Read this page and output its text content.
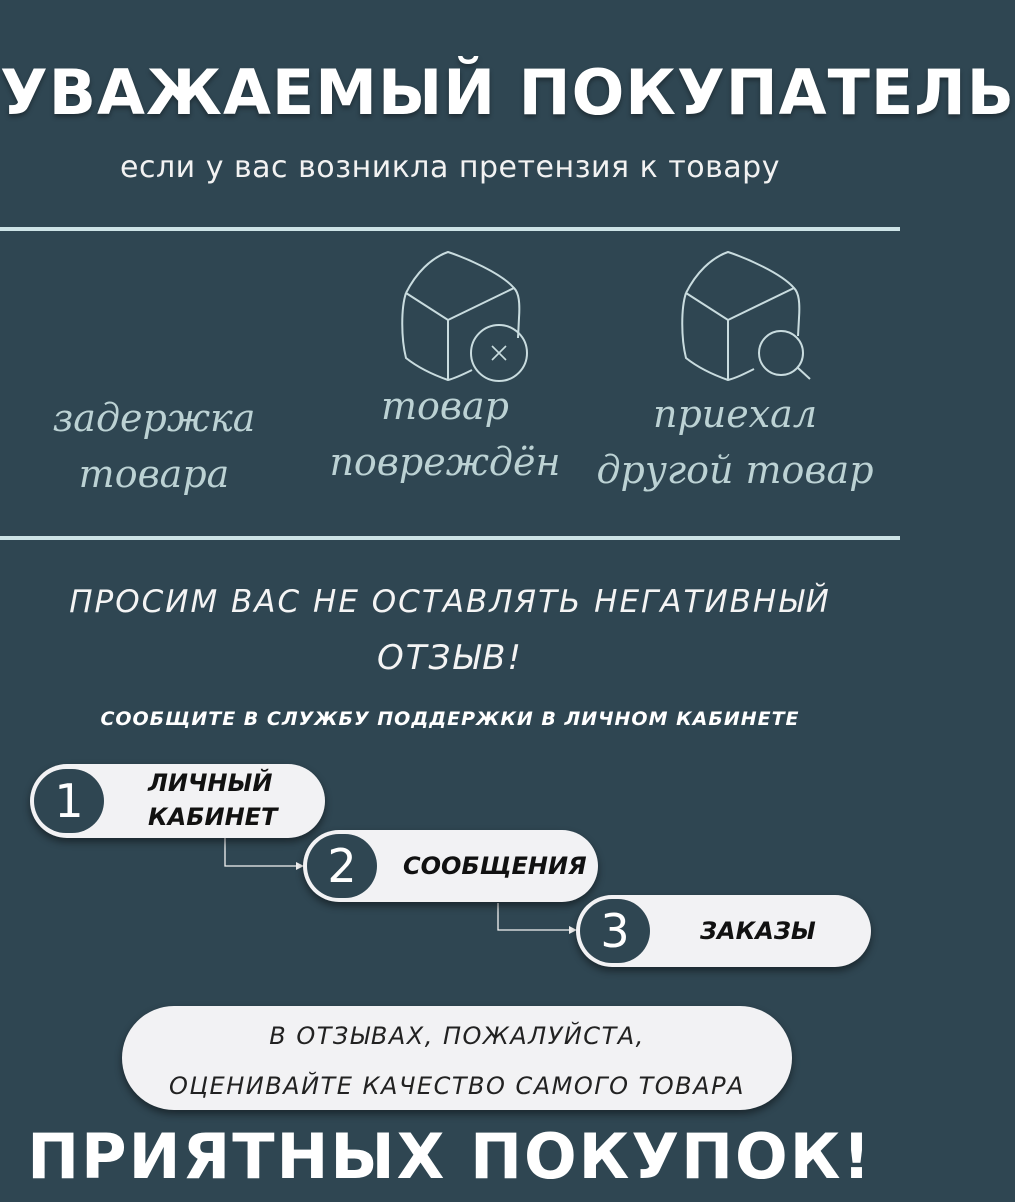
УВАЖАЕМЫЙ ПОКУПАТЕЛЬ
если у вас возникла претензия к товару
задержка
товара
товар
повреждён
приехал
другой товар
ПРОСИМ ВАС НЕ ОСТАВЛЯТЬ НЕГАТИВНЫЙ
ОТЗЫВ!
СООБЩИТЕ В СЛУЖБУ ПОДДЕРЖКИ В ЛИЧНОМ КАБИНЕТЕ
1	ЛИЧНЫЙ
КАБИНЕТ
2	СООБЩЕНИЯ
3	ЗАКАЗЫ
В ОТЗЫВАХ, ПОЖАЛУЙСТА,
ОЦЕНИВАЙТЕ КАЧЕСТВО САМОГО ТОВАРА
ПРИЯТНЫХ ПОКУПОК!
